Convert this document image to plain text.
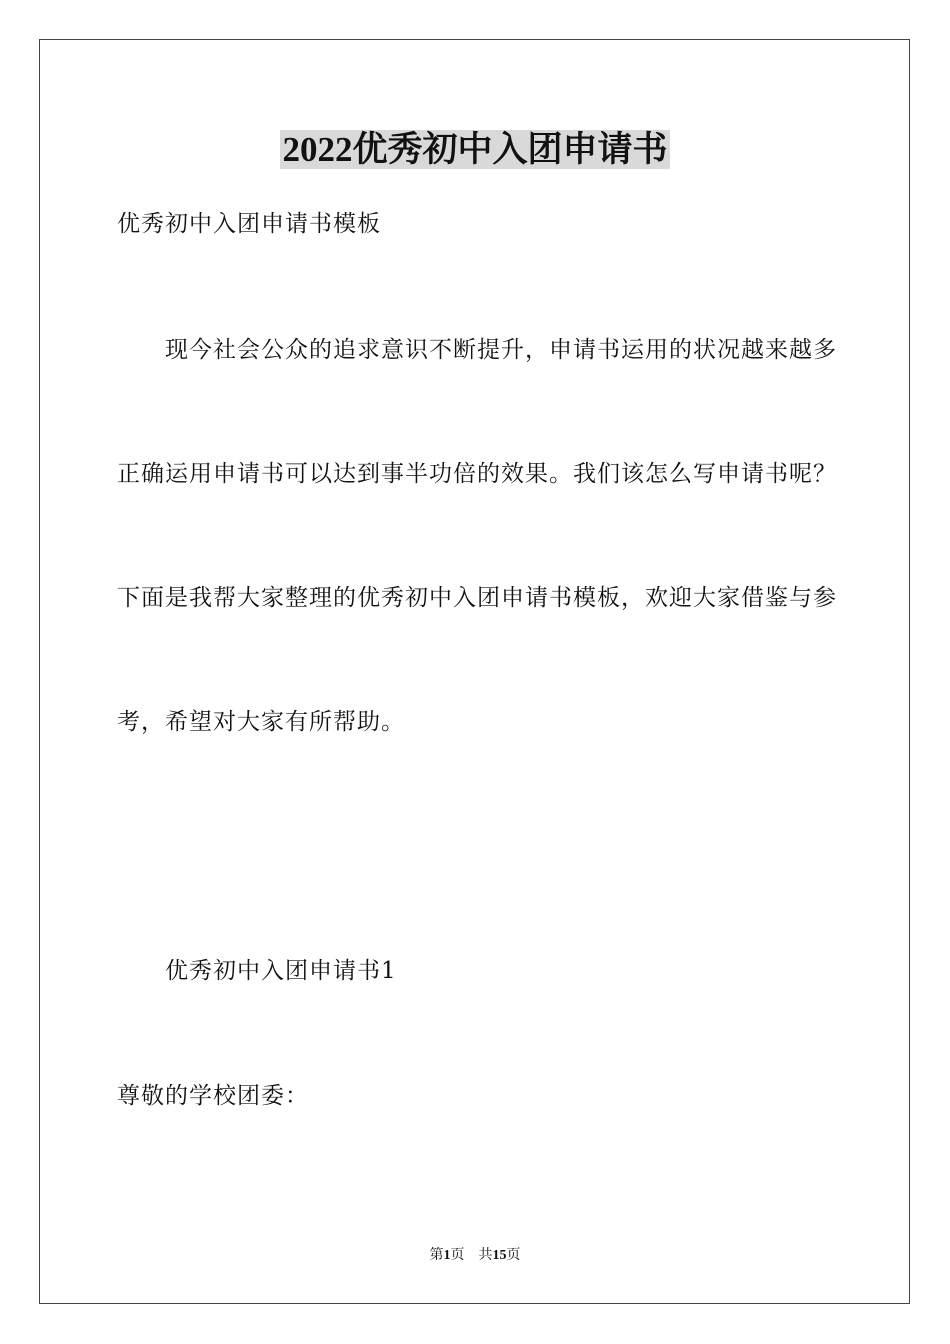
2022优秀初中入团申请书
优秀初中入团申请书模板
现今社会公众的追求意识不断提升，申请书运用的状况越来越多
正确运用申请书可以达到事半功倍的效果。我们该怎么写申请书呢？
下面是我帮大家整理的优秀初中入团申请书模板，欢迎大家借鉴与参
考，希望对大家有所帮助。
优秀初中入团申请书1
尊敬的学校团委：
第1页 共15页
